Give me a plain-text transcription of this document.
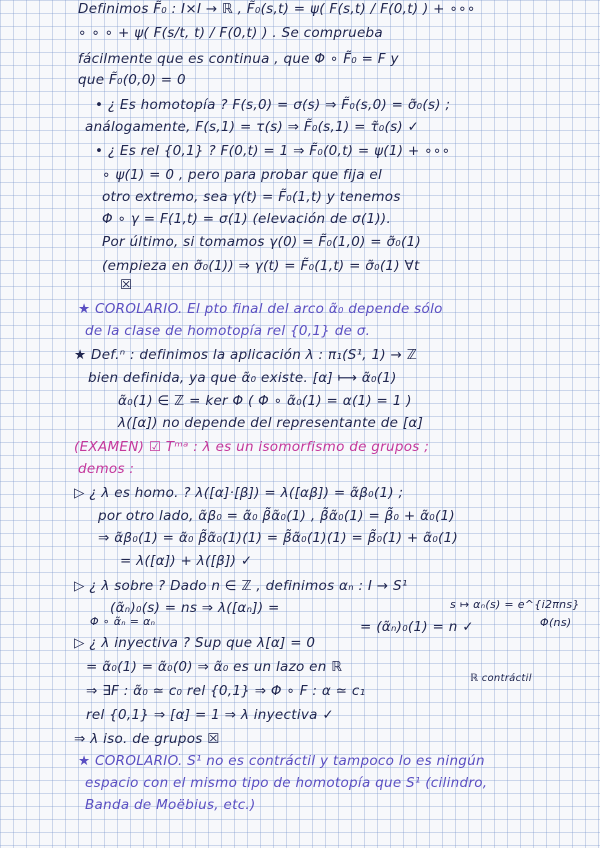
Definimos F̃₀ : I×I → ℝ , F̃₀(s,t) = ψ( F(s,t) / F(0,t) ) + ∘∘∘
∘ ∘ ∘ + ψ( F(s/t, t) / F(0,t) ) . Se comprueba
fácilmente que es continua , que Φ ∘ F̃₀ = F y
que F̃₀(0,0) = 0
• ¿ Es homotopía ? F(s,0) = σ(s) ⇒ F̃₀(s,0) = σ̃₀(s) ;
análogamente, F(s,1) = τ(s) ⇒ F̃₀(s,1) = τ̃₀(s) ✓
• ¿ Es rel {0,1} ? F(0,t) = 1 ⇒ F̃₀(0,t) = ψ(1) + ∘∘∘
∘ ψ(1) = 0 , pero para probar que fija el
otro extremo, sea γ(t) = F̃₀(1,t) y tenemos
Φ ∘ γ = F(1,t) = σ(1) (elevación de σ(1)).
Por último, si tomamos γ(0) = F̃₀(1,0) = σ̃₀(1)
(empieza en σ̃₀(1)) ⇒ γ(t) = F̃₀(1,t) = σ̃₀(1) ∀t
☒
★ COROLARIO. El pto final del arco α̃₀ depende sólo
de la clase de homotopía rel {0,1} de σ.
★ Def.ⁿ : definimos la aplicación λ : π₁(S¹, 1) → ℤ
bien definida, ya que α̃₀ existe. [α] ⟼ α̃₀(1)
α̃₀(1) ∈ ℤ = ker Φ ( Φ ∘ α̃₀(1) = α(1) = 1 )
λ([α]) no depende del representante de [α]
(EXAMEN) ☑ Tᵐᵃ : λ es un isomorfismo de grupos ;
demos :
▷ ¿ λ es homo. ? λ([α]·[β]) = λ([αβ]) = α̃β₀(1) ;
por otro lado, α̃β₀ = α̃₀ β̃α̃₀(1) , β̃α̃₀(1) = β̃₀ + α̃₀(1)
⇒ α̃β₀(1) = α̃₀ β̃α̃₀(1)(1) = β̃α̃₀(1)(1) = β̃₀(1) + α̃₀(1)
= λ([α]) + λ([β]) ✓
▷ ¿ λ sobre ? Dado n ∈ ℤ , definimos αₙ : I → S¹
(α̃ₙ)₀(s) = ns ⇒ λ([αₙ]) =
Φ ∘ α̃ₙ = αₙ
s ↦ αₙ(s) = e^{i2πns}
= (α̃ₙ)₀(1) = n ✓	Φ(ns)
▷ ¿ λ inyectiva ? Sup que λ[α] = 0
= α̃₀(1) = α̃₀(0) ⇒ α̃₀ es un lazo en ℝ
ℝ contráctil
⇒ ∃F : α̃₀ ≃ c₀ rel {0,1} ⇒ Φ ∘ F : α ≃ c₁
rel {0,1} ⇒ [α] = 1 ⇒ λ inyectiva ✓
⇒ λ iso. de grupos ☒
★ COROLARIO. S¹ no es contráctil y tampoco lo es ningún
espacio con el mismo tipo de homotopía que S¹ (cilindro,
Banda de Moëbius, etc.)
